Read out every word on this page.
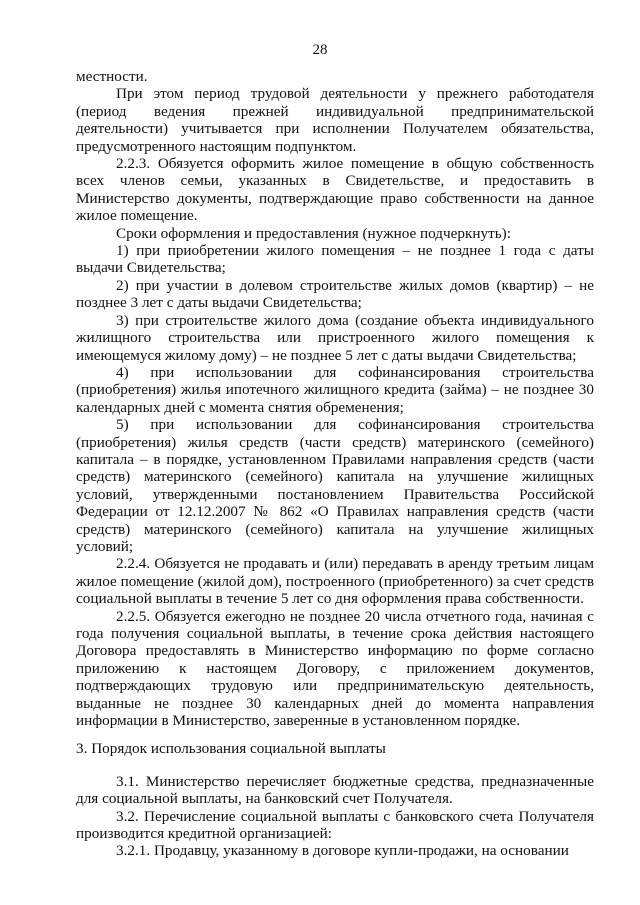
28

местности.

При этом период трудовой деятельности у прежнего работодателя (период ведения прежней индивидуальной предпринимательской деятельности) учитывается при исполнении Получателем обязательства, предусмотренного настоящим подпунктом.

2.2.3. Обязуется оформить жилое помещение в общую собственность всех членов семьи, указанных в Свидетельстве, и предоставить в Министерство документы, подтверждающие право собственности на данное жилое помещение.

Сроки оформления и предоставления (нужное подчеркнуть):

1) при приобретении жилого помещения – не позднее 1 года с даты выдачи Свидетельства;

2) при участии в долевом строительстве жилых домов (квартир) – не позднее 3 лет с даты выдачи Свидетельства;

3) при строительстве жилого дома (создание объекта индивидуального жилищного строительства или пристроенного жилого помещения к имеющемуся жилому дому) – не позднее 5 лет с даты выдачи Свидетельства;

4) при использовании для софинансирования строительства (приобретения) жилья ипотечного жилищного кредита (займа) – не позднее 30 календарных дней с момента снятия обременения;

5) при использовании для софинансирования строительства (приобретения) жилья средств (части средств) материнского (семейного) капитала – в порядке, установленном Правилами направления средств (части средств) материнского (семейного) капитала на улучшение жилищных условий, утвержденными постановлением Правительства Российской Федерации от 12.12.2007 № 862 «О Правилах направления средств (части средств) материнского (семейного) капитала на улучшение жилищных условий;

2.2.4. Обязуется не продавать и (или) передавать в аренду третьим лицам жилое помещение (жилой дом), построенного (приобретенного) за счет средств социальной выплаты в течение 5 лет со дня оформления права собственности.

2.2.5. Обязуется ежегодно не позднее 20 числа отчетного года, начиная с года получения социальной выплаты, в течение срока действия настоящего Договора предоставлять в Министерство информацию по форме согласно приложению к настоящем Договору, с приложением документов, подтверждающих трудовую или предпринимательскую деятельность, выданные не позднее 30 календарных дней до момента направления информации в Министерство, заверенные в установленном порядке.

3. Порядок использования социальной выплаты

3.1. Министерство перечисляет бюджетные средства, предназначенные для социальной выплаты, на банковский счет Получателя.

3.2. Перечисление социальной выплаты с банковского счета Получателя производится кредитной организацией:

3.2.1. Продавцу, указанному в договоре купли-продажи, на основании
